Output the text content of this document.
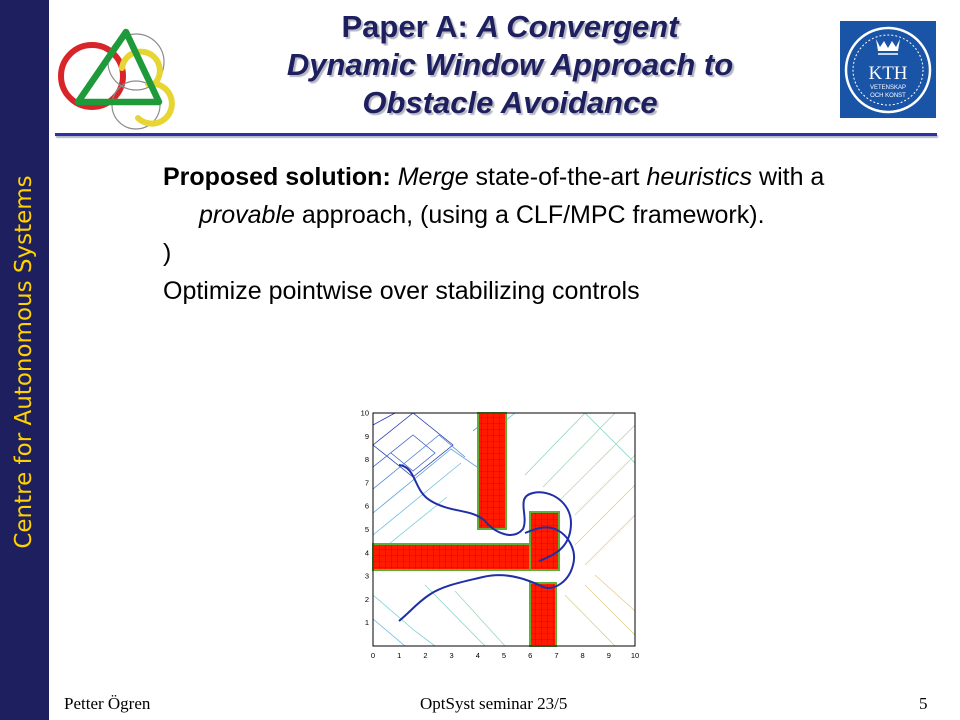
Centre for Autonomous Systems
KTH
VETENSKAP
OCH KONST
Paper A: A Convergent
Dynamic Window Approach to
Obstacle Avoidance

Proposed solution: Merge state-of-the-art heuristics with a provable approach, (using a CLF/MPC framework).

)

Optimize pointwise over stabilizing controls

0	1	2	3	4	5	6	7	8	9	10
1
2
3
4
5
6
7
8
9
10
Petter Ögren	OptSyst seminar 23/5	5
